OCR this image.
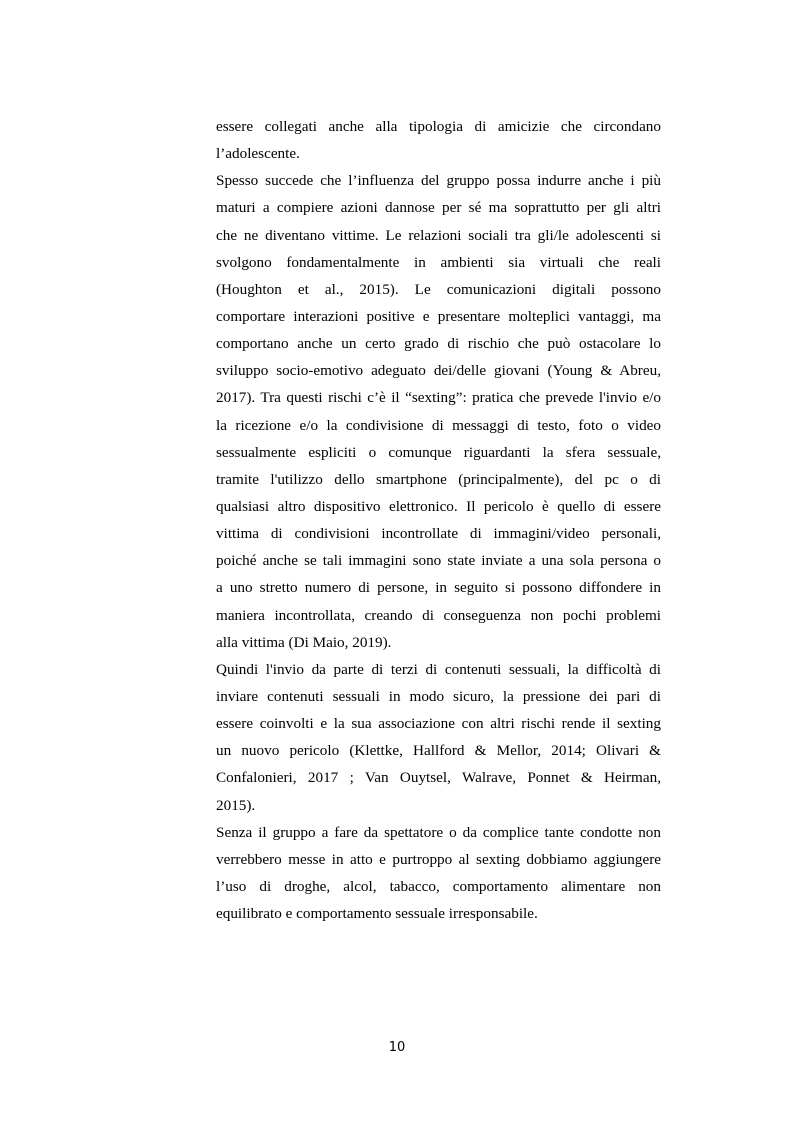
essere collegati anche alla tipologia di amicizie che circondano
l’adolescente.
Spesso succede che l’influenza del gruppo possa indurre anche i più
maturi a compiere azioni dannose per sé ma soprattutto per gli altri
che ne diventano vittime. Le relazioni sociali tra gli/le adolescenti si
svolgono fondamentalmente in ambienti sia virtuali che reali
(Houghton et al., 2015). Le comunicazioni digitali possono
comportare interazioni positive e presentare molteplici vantaggi, ma
comportano anche un certo grado di rischio che può ostacolare lo
sviluppo socio-emotivo adeguato dei/delle giovani (Young & Abreu,
2017). Tra questi rischi c’è il “sexting”: pratica che prevede l'invio e/o
la ricezione e/o la condivisione di messaggi di testo, foto o video
sessualmente espliciti o comunque riguardanti la sfera sessuale,
tramite l'utilizzo dello smartphone (principalmente), del pc o di
qualsiasi altro dispositivo elettronico. Il pericolo è quello di essere
vittima di condivisioni incontrollate di immagini/video personali,
poiché anche se tali immagini sono state inviate a una sola persona o
a uno stretto numero di persone, in seguito si possono diffondere in
maniera incontrollata, creando di conseguenza non pochi problemi
alla vittima (Di Maio, 2019).
Quindi l'invio da parte di terzi di contenuti sessuali, la difficoltà di
inviare contenuti sessuali in modo sicuro, la pressione dei pari di
essere coinvolti e la sua associazione con altri rischi rende il sexting
un nuovo pericolo (Klettke, Hallford & Mellor, 2014; Olivari &
Confalonieri, 2017 ; Van Ouytsel, Walrave, Ponnet & Heirman,
2015).
Senza il gruppo a fare da spettatore o da complice tante condotte non
verrebbero messe in atto e purtroppo al sexting dobbiamo aggiungere
l’uso di droghe, alcol, tabacco, comportamento alimentare non
equilibrato e comportamento sessuale irresponsabile.
10
